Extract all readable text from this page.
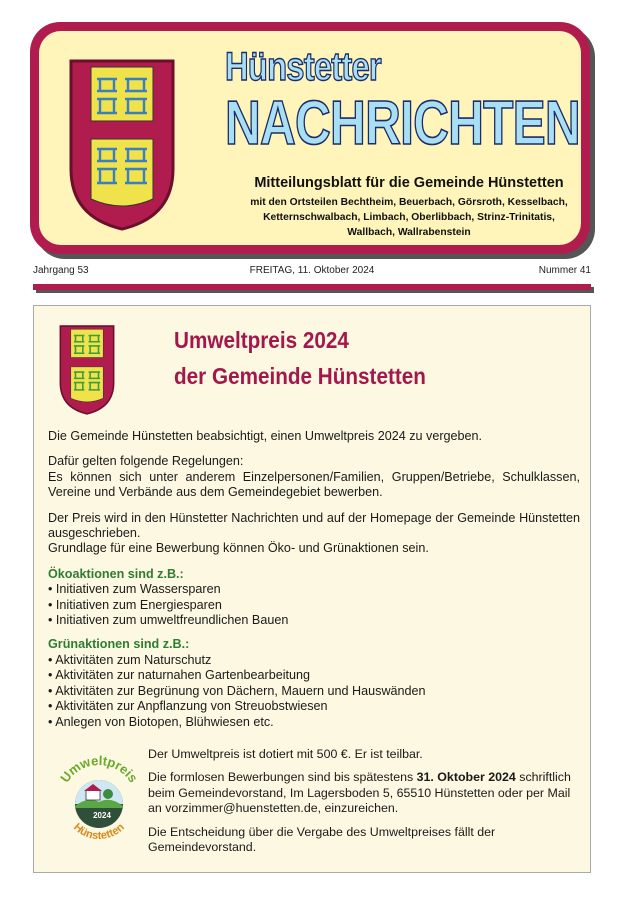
Hünstetter
NACHRICHTEN
Mitteilungsblatt für die Gemeinde Hünstetten
mit den Ortsteilen Bechtheim, Beuerbach, Görsroth, Kesselbach,
Ketternschwalbach, Limbach, Oberlibbach, Strinz-Trinitatis,
Wallbach, Wallrabenstein
Jahrgang 53	FREITAG, 11. Oktober 2024	Nummer 41
Umweltpreis 2024
der Gemeinde Hünstetten

Die Gemeinde Hünstetten beabsichtigt, einen Umweltpreis 2024 zu vergeben.

Dafür gelten folgende Regelungen:
Es können sich unter anderem Einzelpersonen/Familien, Gruppen/Betriebe, Schulklassen, Vereine und Verbände aus dem Gemeindegebiet bewerben.

Der Preis wird in den Hünstetter Nachrichten und auf der Homepage der Gemeinde Hünstetten ausgeschrieben.
Grundlage für eine Bewerbung können Öko- und Grünaktionen sein.

Ökoaktionen sind z.B.:

• Initiativen zum Wassersparen
• Initiativen zum Energiesparen
• Initiativen zum umweltfreundlichen Bauen

Grünaktionen sind z.B.:

• Aktivitäten zum Naturschutz
• Aktivitäten zur naturnahen Gartenbearbeitung
• Aktivitäten zur Begrünung von Dächern, Mauern und Hauswänden
• Aktivitäten zur Anpflanzung von Streuobstwiesen
• Anlegen von Biotopen, Blühwiesen etc.
Umweltpreis
2024
Hünstetten

Der Umweltpreis ist dotiert mit 500 €. Er ist teilbar.

Die formlosen Bewerbungen sind bis spätestens 31. Oktober 2024 schriftlich beim Gemeindevorstand, Im Lagersboden 5, 65510 Hünstetten oder per Mail an vorzimmer@huenstetten.de, einzureichen.

Die Entscheidung über die Vergabe des Umweltpreises fällt der Gemeindevorstand.
